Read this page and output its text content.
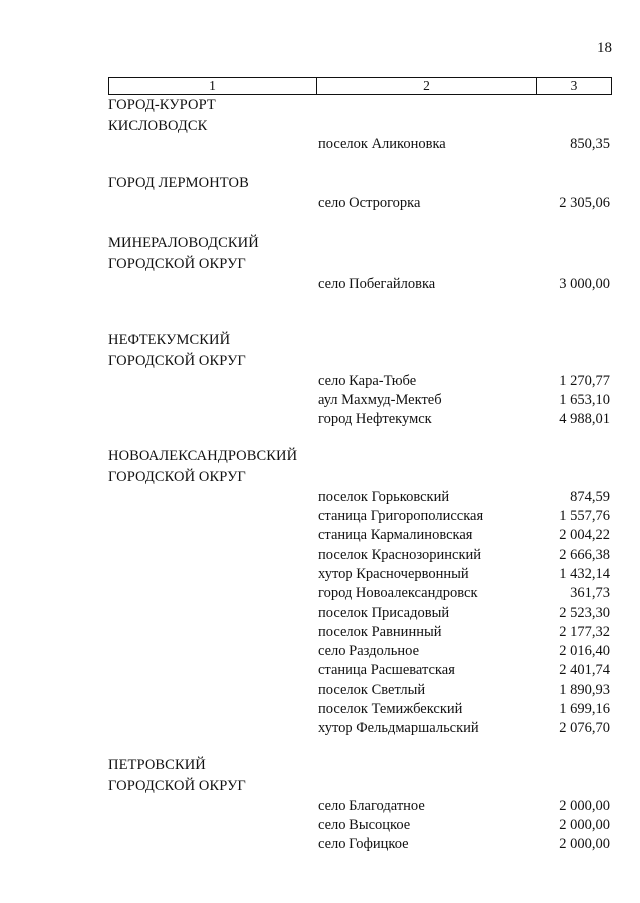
18
1	2	3
ГОРОД-КУРОРТ
КИСЛОВОДСК
поселок Аликоновка	850,35
ГОРОД ЛЕРМОНТОВ
село Острогорка	2 305,06
МИНЕРАЛОВОДСКИЙ
ГОРОДСКОЙ ОКРУГ
село Побегайловка	3 000,00
НЕФТЕКУМСКИЙ
ГОРОДСКОЙ ОКРУГ
село Кара-Тюбе	1 270,77
аул Махмуд-Мектеб	1 653,10
город Нефтекумск	4 988,01
НОВОАЛЕКСАНДРОВСКИЙ
ГОРОДСКОЙ ОКРУГ
поселок Горьковский	874,59
станица Григорополисская	1 557,76
станица Кармалиновская	2 004,22
поселок Краснозоринский	2 666,38
хутор Красночервонный	1 432,14
город Новоалександровск	361,73
поселок Присадовый	2 523,30
поселок Равнинный	2 177,32
село Раздольное	2 016,40
станица Расшеватская	2 401,74
поселок Светлый	1 890,93
поселок Темижбекский	1 699,16
хутор Фельдмаршальский	2 076,70
ПЕТРОВСКИЙ
ГОРОДСКОЙ ОКРУГ
село Благодатное	2 000,00
село Высоцкое	2 000,00
село Гофицкое	2 000,00
